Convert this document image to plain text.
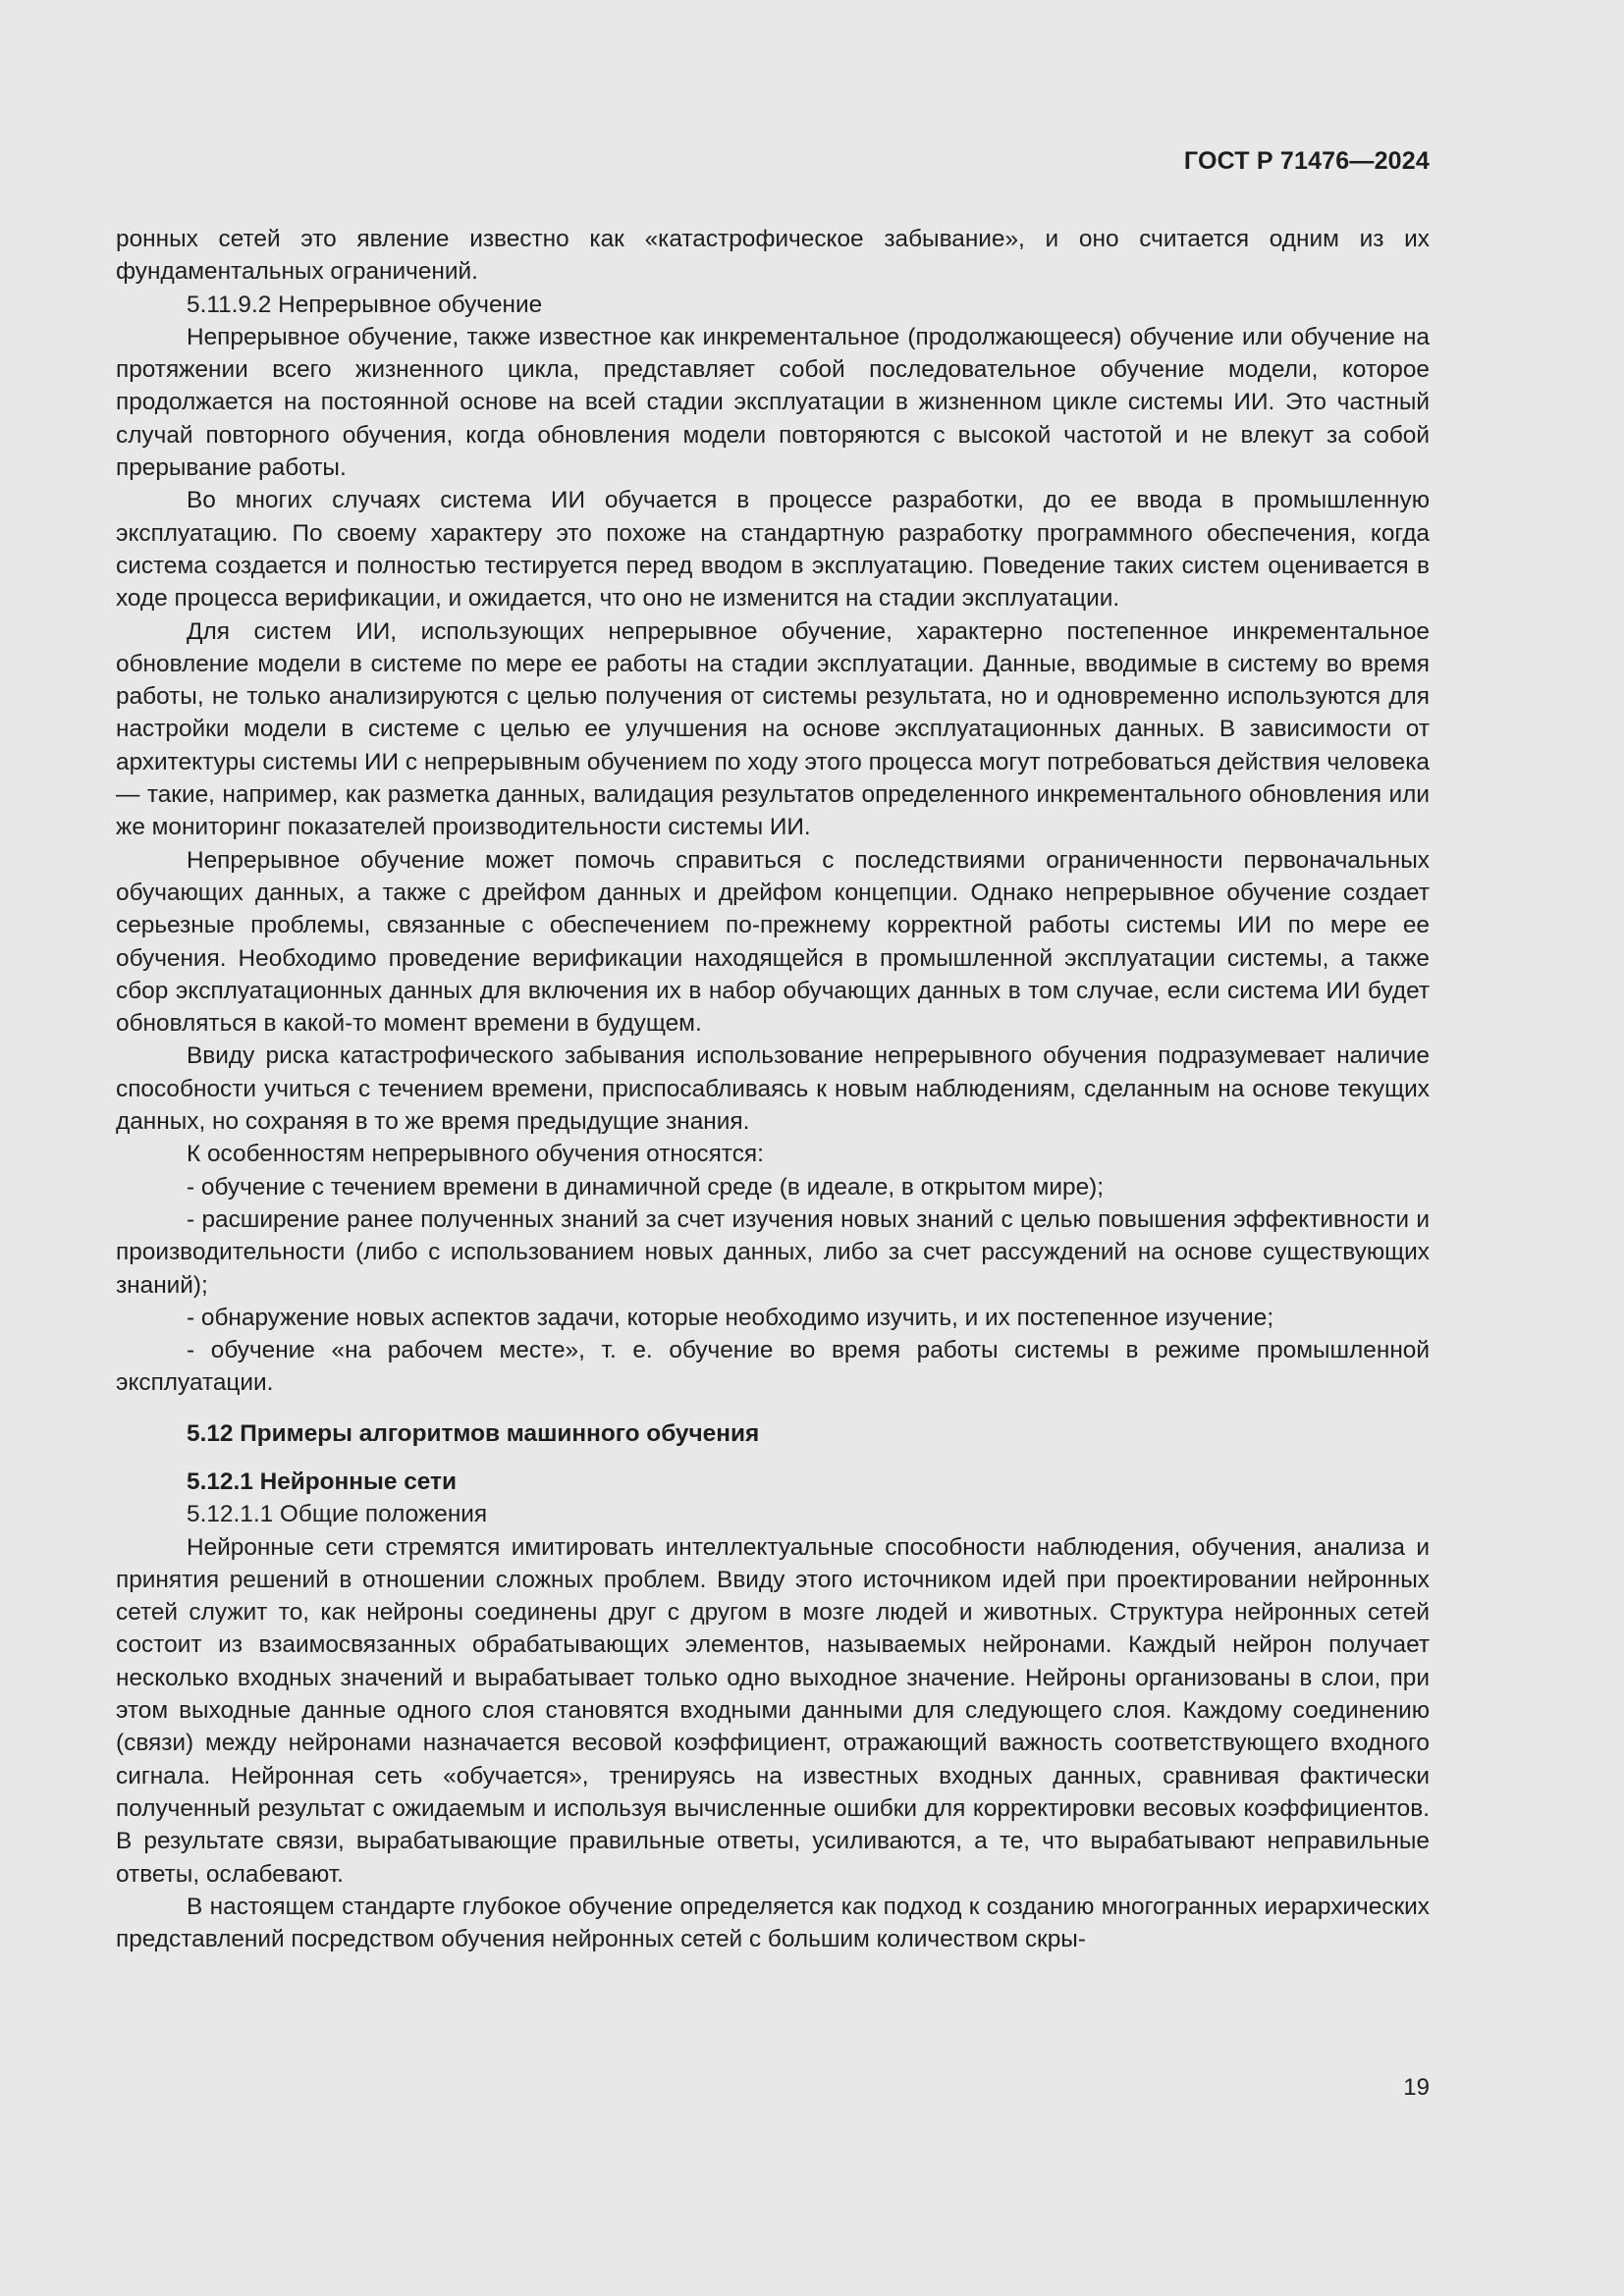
ГОСТ Р 71476—2024

ронных сетей это явление известно как «катастрофическое забывание», и оно считается одним из их фундаментальных ограничений.

5.11.9.2 Непрерывное обучение

Непрерывное обучение, также известное как инкрементальное (продолжающееся) обучение или обучение на протяжении всего жизненного цикла, представляет собой последовательное обучение модели, которое продолжается на постоянной основе на всей стадии эксплуатации в жизненном цикле системы ИИ. Это частный случай повторного обучения, когда обновления модели повторяются с высокой частотой и не влекут за собой прерывание работы.

Во многих случаях система ИИ обучается в процессе разработки, до ее ввода в промышленную эксплуатацию. По своему характеру это похоже на стандартную разработку программного обеспечения, когда система создается и полностью тестируется перед вводом в эксплуатацию. Поведение таких систем оценивается в ходе процесса верификации, и ожидается, что оно не изменится на стадии эксплуатации.

Для систем ИИ, использующих непрерывное обучение, характерно постепенное инкрементальное обновление модели в системе по мере ее работы на стадии эксплуатации. Данные, вводимые в систему во время работы, не только анализируются с целью получения от системы результата, но и одновременно используются для настройки модели в системе с целью ее улучшения на основе эксплуатационных данных. В зависимости от архитектуры системы ИИ с непрерывным обучением по ходу этого процесса могут потребоваться действия человека — такие, например, как разметка данных, валидация результатов определенного инкрементального обновления или же мониторинг показателей производительности системы ИИ.

Непрерывное обучение может помочь справиться с последствиями ограниченности первоначальных обучающих данных, а также с дрейфом данных и дрейфом концепции. Однако непрерывное обучение создает серьезные проблемы, связанные с обеспечением по-прежнему корректной работы системы ИИ по мере ее обучения. Необходимо проведение верификации находящейся в промышленной эксплуатации системы, а также сбор эксплуатационных данных для включения их в набор обучающих данных в том случае, если система ИИ будет обновляться в какой-то момент времени в будущем.

Ввиду риска катастрофического забывания использование непрерывного обучения подразумевает наличие способности учиться с течением времени, приспосабливаясь к новым наблюдениям, сделанным на основе текущих данных, но сохраняя в то же время предыдущие знания.

К особенностям непрерывного обучения относятся:

- обучение с течением времени в динамичной среде (в идеале, в открытом мире);

- расширение ранее полученных знаний за счет изучения новых знаний с целью повышения эффективности и производительности (либо с использованием новых данных, либо за счет рассуждений на основе существующих знаний);

- обнаружение новых аспектов задачи, которые необходимо изучить, и их постепенное изучение;

- обучение «на рабочем месте», т. е. обучение во время работы системы в режиме промышленной эксплуатации.

5.12 Примеры алгоритмов машинного обучения

5.12.1 Нейронные сети

5.12.1.1 Общие положения

Нейронные сети стремятся имитировать интеллектуальные способности наблюдения, обучения, анализа и принятия решений в отношении сложных проблем. Ввиду этого источником идей при проектировании нейронных сетей служит то, как нейроны соединены друг с другом в мозге людей и животных. Структура нейронных сетей состоит из взаимосвязанных обрабатывающих элементов, называемых нейронами. Каждый нейрон получает несколько входных значений и вырабатывает только одно выходное значение. Нейроны организованы в слои, при этом выходные данные одного слоя становятся входными данными для следующего слоя. Каждому соединению (связи) между нейронами назначается весовой коэффициент, отражающий важность соответствующего входного сигнала. Нейронная сеть «обучается», тренируясь на известных входных данных, сравнивая фактически полученный результат с ожидаемым и используя вычисленные ошибки для корректировки весовых коэффициентов. В результате связи, вырабатывающие правильные ответы, усиливаются, а те, что вырабатывают неправильные ответы, ослабевают.

В настоящем стандарте глубокое обучение определяется как подход к созданию многогранных иерархических представлений посредством обучения нейронных сетей с большим количеством скры-

19
